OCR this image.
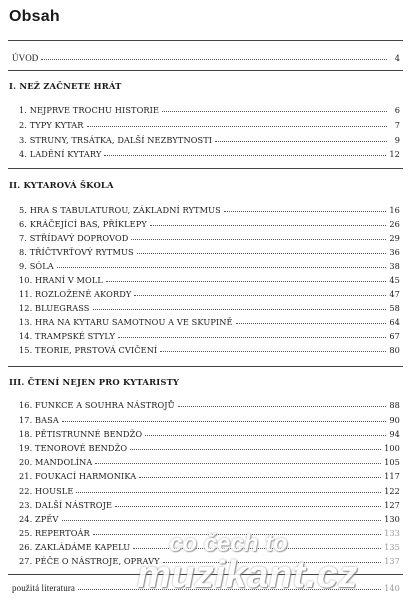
Obsah
ÚVOD	4
I. NEŽ ZAČNETE HRÁT
1. NEJPRVE TROCHU HISTORIE	6
2. TYPY KYTAR	7
3. STRUNY, TRSÁTKA, DALŠÍ NEZBYTNOSTI	9
4. LADĚNÍ KYTARY	12
II. KYTAROVÁ ŠKOLA
5. HRA S TABULATUROU, ZÁKLADNÍ RYTMUS	16
6. KRÁČEJÍCÍ BAS, PŘÍKLEPY	26
7. STŘÍDAVÝ DOPROVOD	29
8. TŘÍČTVRŤOVÝ RYTMUS	36
9. SÓLA	38
10. HRANÍ V MOLL	45
11. ROZLOŽENÉ AKORDY	47
12. BLUEGRASS	58
13. HRA NA KYTARU SAMOTNOU A VE SKUPINĚ	64
14. TRAMPSKÉ STYLY	67
15. TEORIE, PRSTOVÁ CVIČENÍ	80
III. ČTENÍ NEJEN PRO KYTARISTY
16. FUNKCE A SOUHRA NÁSTROJŮ	88
17. BASA	90
18. PĚTISTRUNNÉ BENDŽO	94
19. TENOROVÉ BENDŽO	100
20. MANDOLÍNA	105
21. FOUKACÍ HARMONIKA	117
22. HOUSLE	122
23. DALŠÍ NÁSTROJE	127
24. ZPĚV	130
25. REPERTOÁR	133
26. ZAKLÁDÁME KAPELU	135
27. PÉČE O NÁSTROJE, OPRAVY	137
použitá literatura	140
co čech to
muzikant.cz
